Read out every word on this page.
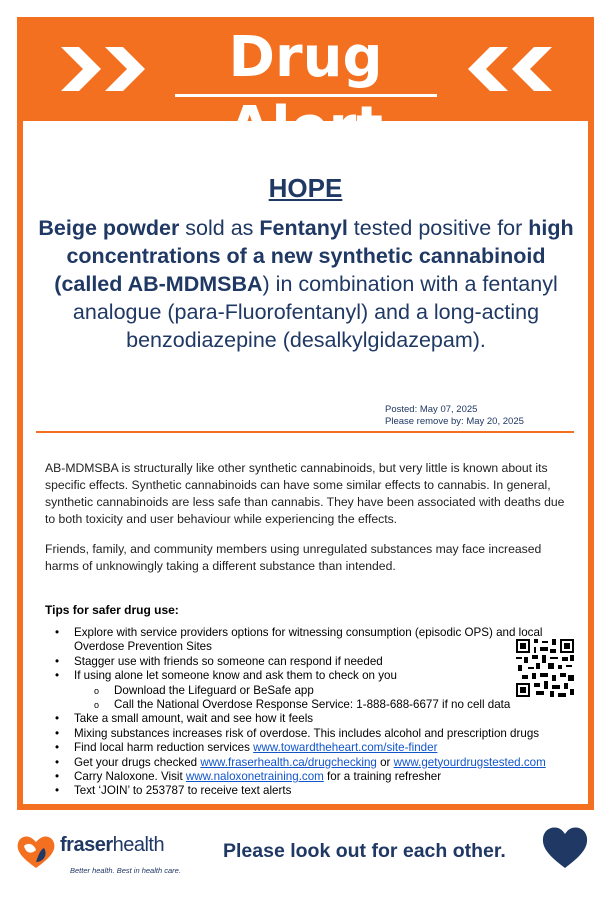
Drug
HOPE
Beige powder sold as Fentanyl tested positive for high concentrations of a new synthetic cannabinoid (called AB-MDMSBA) in combination with a fentanyl analogue (para-Fluorofentanyl) and a long-acting benzodiazepine (desalkylgidazepam).
Posted: May 07, 2025
Please remove by: May 20, 2025
AB-MDMSBA is structurally like other synthetic cannabinoids, but very little is known about its specific effects. Synthetic cannabinoids can have some similar effects to cannabis. In general, synthetic cannabinoids are less safe than cannabis. They have been associated with deaths due to both toxicity and user behaviour while experiencing the effects.
Friends, family, and community members using unregulated substances may face increased harms of unknowingly taking a different substance than intended.
Tips for safer drug use:
• Explore with service providers options for witnessing consumption (episodic OPS) and local Overdose Prevention Sites
• Stagger use with friends so someone can respond if needed
• If using alone let someone know and ask them to check on you
o Download the Lifeguard or BeSafe app
o Call the National Overdose Response Service: 1-888-688-6677 if no cell data
• Take a small amount, wait and see how it feels
• Mixing substances increases risk of overdose. This includes alcohol and prescription drugs
• Find local harm reduction services www.towardtheheart.com/site-finder
• Get your drugs checked www.fraserhealth.ca/drugchecking or www.getyourdrugstested.com
• Carry Naloxone. Visit www.naloxonetraining.com for a training refresher
• Text ‘JOIN’ to 253787 to receive text alerts
fraserhealth
Better health. Best in health care.
Please look out for each other.
